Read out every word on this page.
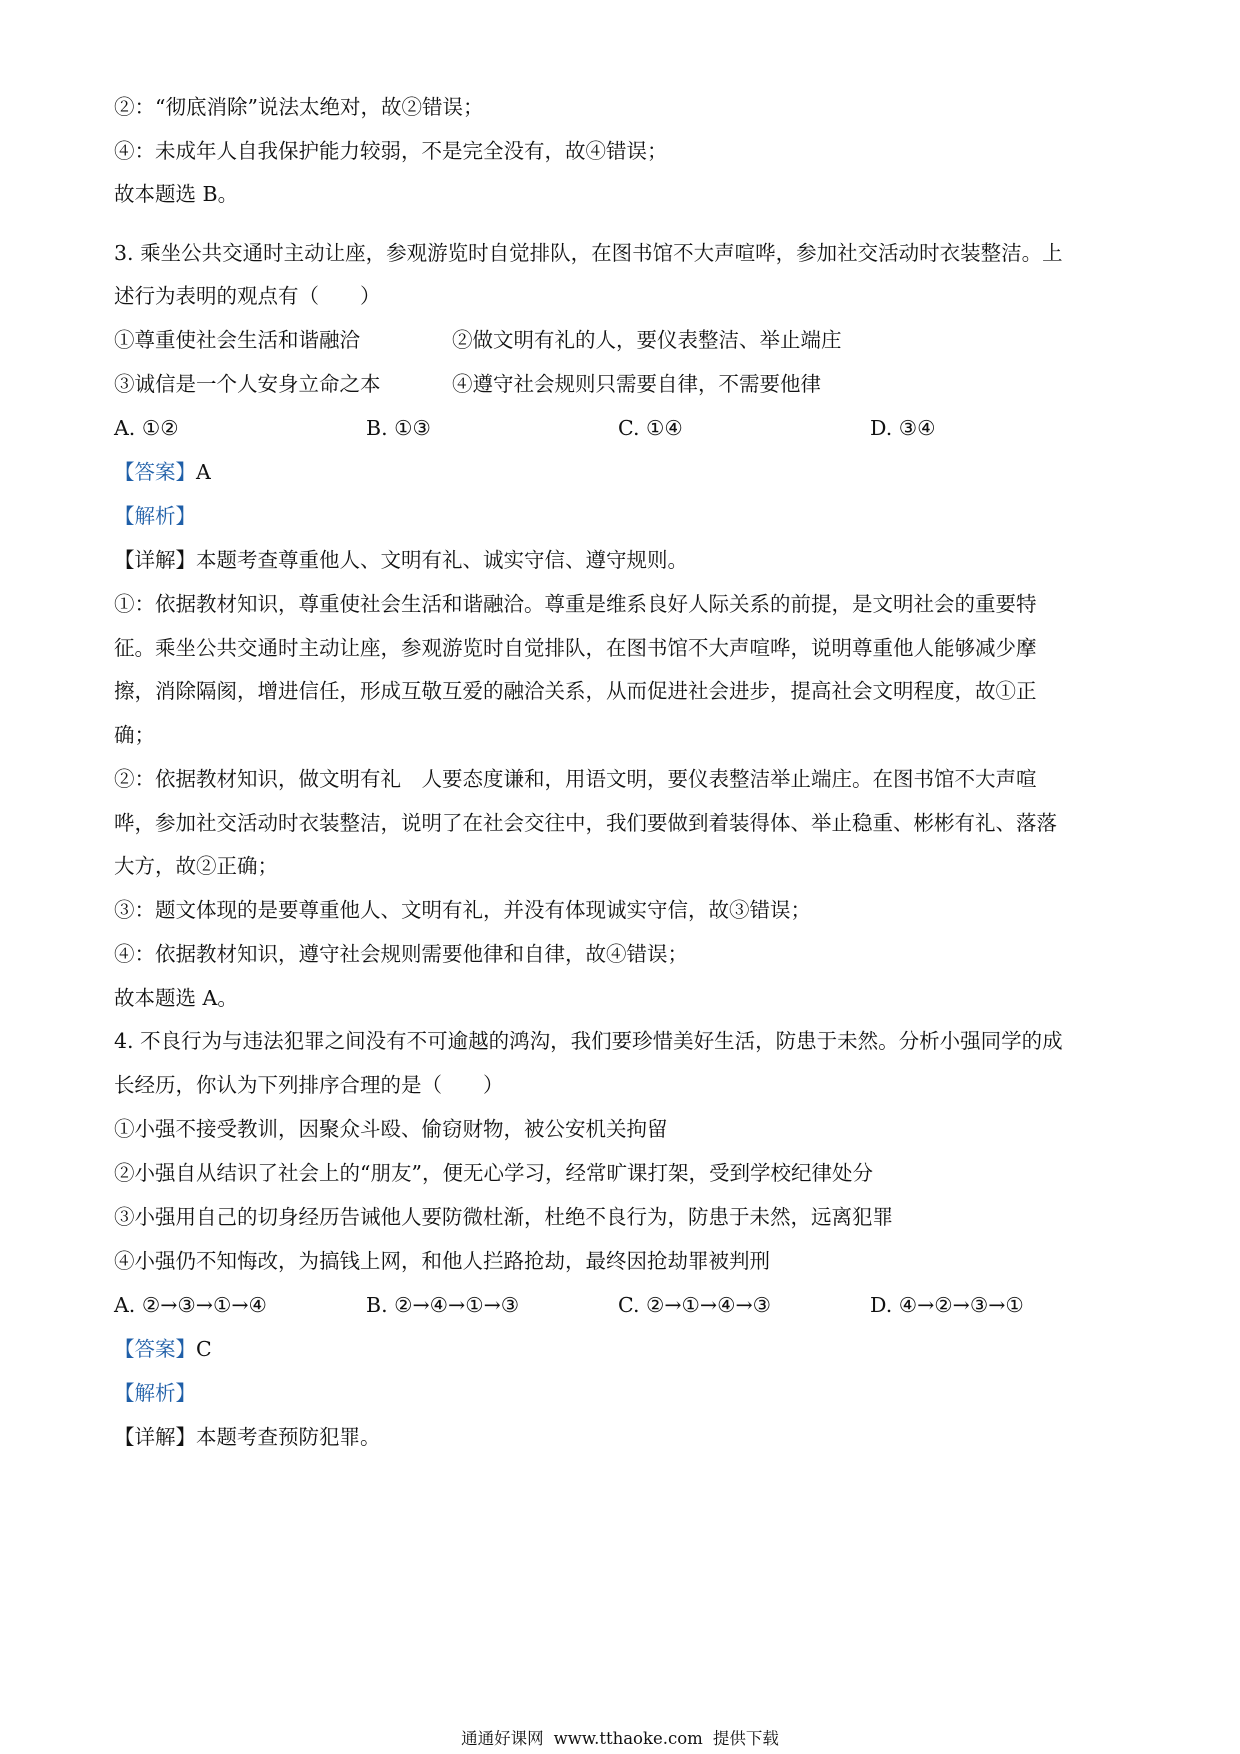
②：“彻底消除”说法太绝对，故②错误；
④：未成年人自我保护能力较弱，不是完全没有，故④错误；
故本题选 B。
3. 乘坐公共交通时主动让座，参观游览时自觉排队，在图书馆不大声喧哗，参加社交活动时衣装整洁。上
述行为表明的观点有（　　）
①尊重使社会生活和谐融洽	②做文明有礼的人，要仪表整洁、举止端庄
③诚信是一个人安身立命之本	④遵守社会规则只需要自律，不需要他律
A. ①②	B. ①③	C. ①④	D. ③④
【答案】A
【解析】
【详解】本题考查尊重他人、文明有礼、诚实守信、遵守规则。
①：依据教材知识，尊重使社会生活和谐融洽。尊重是维系良好人际关系的前提，是文明社会的重要特
征。乘坐公共交通时主动让座，参观游览时自觉排队，在图书馆不大声喧哗，说明尊重他人能够减少摩
擦，消除隔阂，增进信任，形成互敬互爱的融洽关系，从而促进社会进步，提高社会文明程度，故①正
确；
②：依据教材知识，做文明有礼　人要态度谦和，用语文明，要仪表整洁举止端庄。在图书馆不大声喧
哗，参加社交活动时衣装整洁，说明了在社会交往中，我们要做到着装得体、举止稳重、彬彬有礼、落落
大方，故②正确；
③：题文体现的是要尊重他人、文明有礼，并没有体现诚实守信，故③错误；
④：依据教材知识，遵守社会规则需要他律和自律，故④错误；
故本题选 A。
4. 不良行为与违法犯罪之间没有不可逾越的鸿沟，我们要珍惜美好生活，防患于未然。分析小强同学的成
长经历，你认为下列排序合理的是（　　）
①小强不接受教训，因聚众斗殴、偷窃财物，被公安机关拘留
②小强自从结识了社会上的“朋友”，便无心学习，经常旷课打架，受到学校纪律处分
③小强用自己的切身经历告诫他人要防微杜渐，杜绝不良行为，防患于未然，远离犯罪
④小强仍不知悔改，为搞钱上网，和他人拦路抢劫，最终因抢劫罪被判刑
A. ②→③→①→④	B. ②→④→①→③	C. ②→①→④→③	D. ④→②→③→①
【答案】C
【解析】
【详解】本题考查预防犯罪。
通通好课网 www.tthaoke.com 提供下载
